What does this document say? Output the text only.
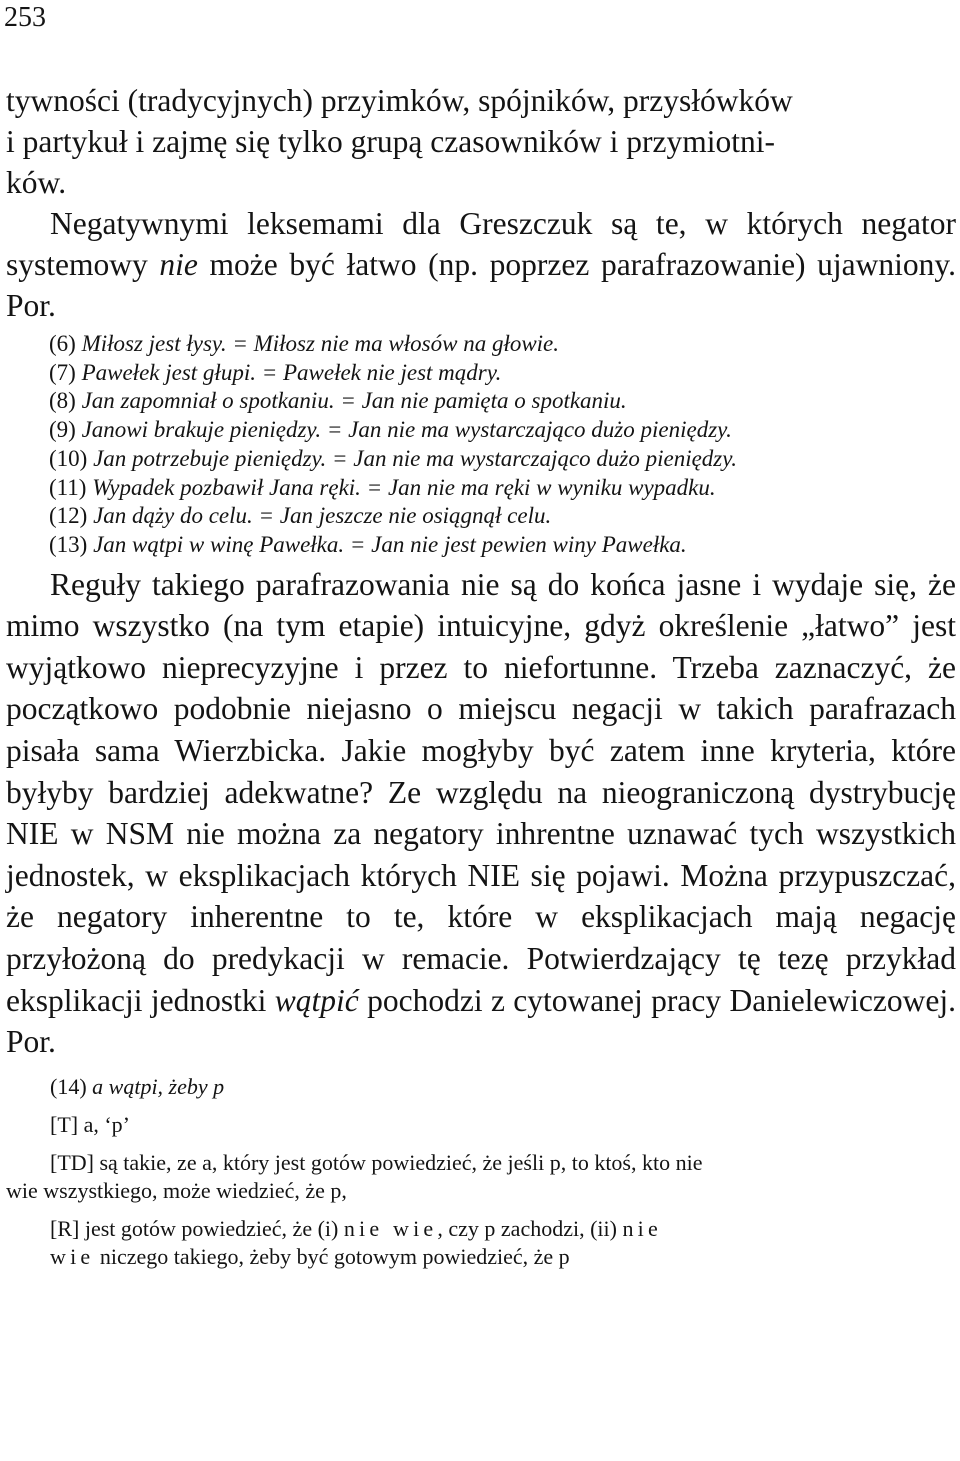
253

tywności (tradycyjnych) przyimków, spójników, przysłówków

i partykuł i zajmę się tylko grupą czasowników i przymiotni-

ków.

Negatywnymi leksemami dla Greszczuk są te, w których negator systemowy nie może być łatwo (np. poprzez parafrazowanie) ujawniony. Por.

(6) Miłosz jest łysy. = Miłosz nie ma włosów na głowie.

(7) Pawełek jest głupi. = Pawełek nie jest mądry.

(8) Jan zapomniał o spotkaniu. = Jan nie pamięta o spotkaniu.

(9) Janowi brakuje pieniędzy. = Jan nie ma wystarczająco dużo pieniędzy.

(10) Jan potrzebuje pieniędzy. = Jan nie ma wystarczająco dużo pieniędzy.

(11) Wypadek pozbawił Jana ręki. = Jan nie ma ręki w wyniku wypadku.

(12) Jan dąży do celu. = Jan jeszcze nie osiągnął celu.

(13) Jan wątpi w winę Pawełka. = Jan nie jest pewien winy Pawełka.

Reguły takiego parafrazowania nie są do końca jasne i wydaje się, że mimo wszystko (na tym etapie) intuicyjne, gdyż określenie „łatwo” jest wyjątkowo nieprecyzyjne i przez to niefortunne. Trzeba zaznaczyć, że początkowo podobnie niejasno o miejscu negacji w takich parafrazach pisała sama Wierzbicka. Jakie mogłyby być zatem inne kryteria, które byłyby bardziej adekwatne? Ze względu na nieograniczoną dystrybucję NIE w NSM nie można za negatory inhrentne uznawać tych wszystkich jednostek, w eksplikacjach których NIE się pojawi. Można przypuszczać, że negatory inherentne to te, które w eksplikacjach mają negację przyłożoną do predykacji w remacie. Potwierdzający tę tezę przykład eksplikacji jednostki wątpić pochodzi z cytowanej pracy Danielewiczowej. Por.

(14) a wątpi, żeby p

[T] a, ‘p’

[TD] są takie, ze a, który jest gotów powiedzieć, że jeśli p, to ktoś, kto nie

wie wszystkiego, może wiedzieć, że p,

[R] jest gotów powiedzieć, że (i) nie wie, czy p zachodzi, (ii) nie
wie niczego takiego, żeby być gotowym powiedzieć, że p
